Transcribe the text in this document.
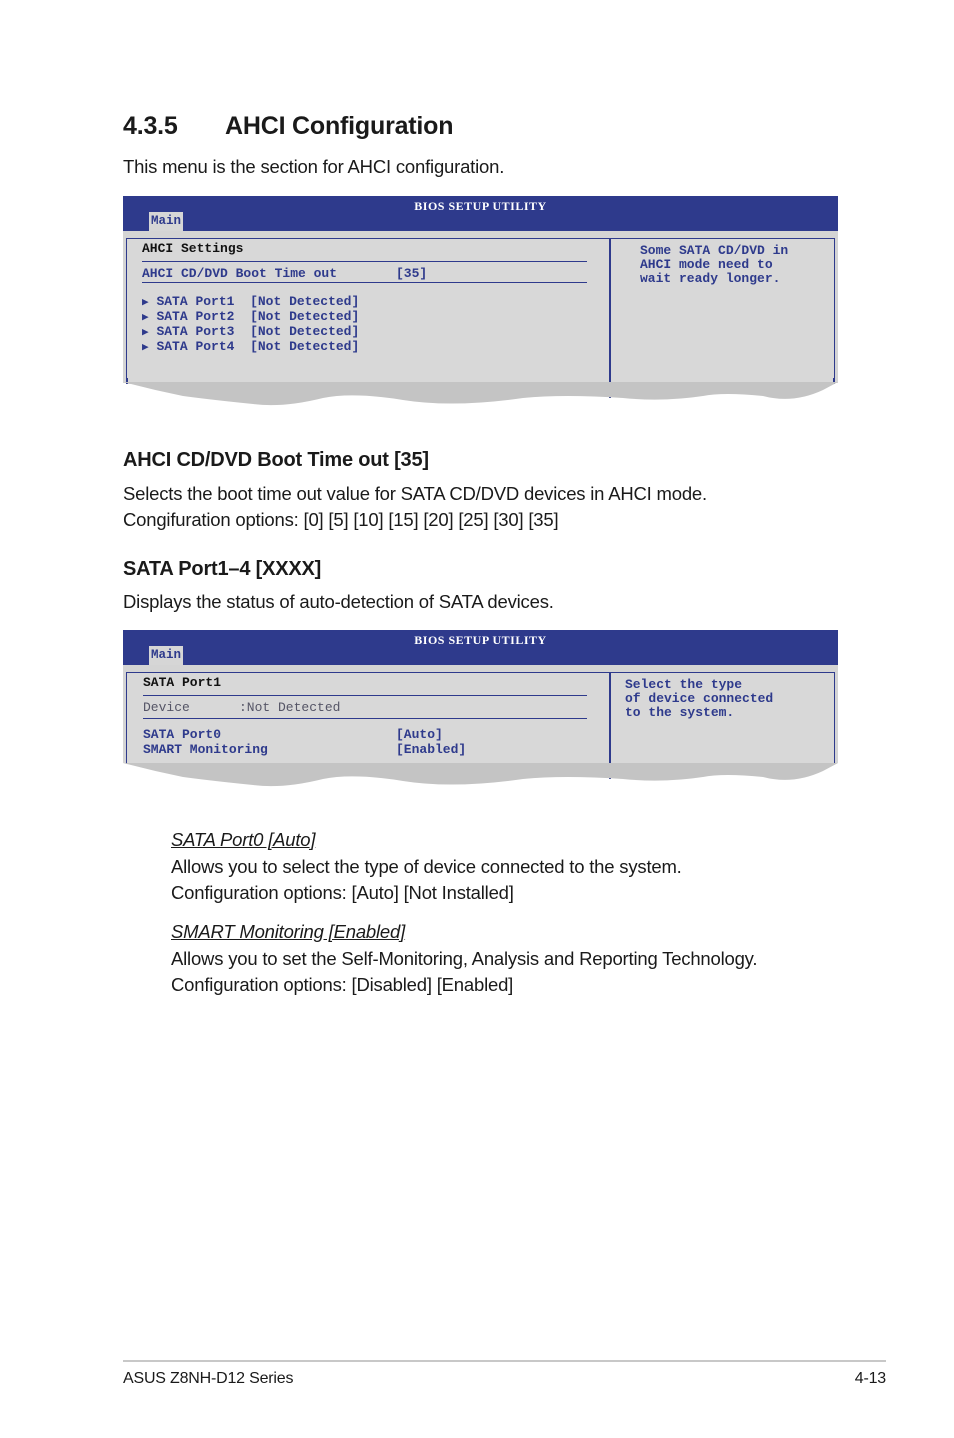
4.3.5 AHCI Configuration
This menu is the section for AHCI configuration.
BIOS SETUP UTILITY
Main
AHCI Settings
AHCI CD/DVD Boot Time out	[35]
▶ SATA Port1 [Not Detected]
▶ SATA Port2 [Not Detected]
▶ SATA Port3 [Not Detected]
▶ SATA Port4 [Not Detected]
Some SATA CD/DVD in
AHCI mode need to
wait ready longer.
AHCI CD/DVD Boot Time out [35]
Selects the boot time out value for SATA CD/DVD devices in AHCI mode.
Congifuration options: [0] [5] [10] [15] [20] [25] [30] [35]
SATA Port1–4 [XXXX]
Displays the status of auto-detection of SATA devices.
BIOS SETUP UTILITY
Main
SATA Port1
Device	:Not Detected
SATA Port0	[Auto]
SMART Monitoring	[Enabled]
Select the type
of device connected
to the system.
SATA Port0 [Auto]
Allows you to select the type of device connected to the system.
Configuration options: [Auto] [Not Installed]
SMART Monitoring [Enabled]
Allows you to set the Self-Monitoring, Analysis and Reporting Technology.
Configuration options: [Disabled] [Enabled]
ASUS Z8NH-D12 Series	4-13
